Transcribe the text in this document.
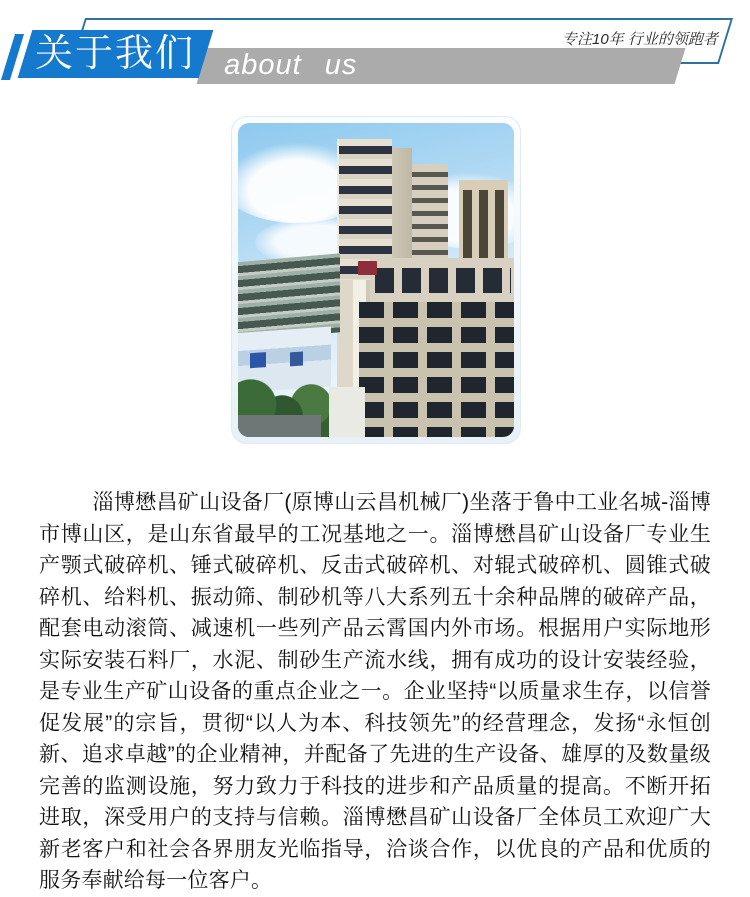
about us
关于我们	专注10年 行业的领跑者

淄博懋昌矿山设备厂(原博山云昌机械厂)坐落于鲁中工业名城-淄博市博山区，是山东省最早的工况基地之一。淄博懋昌矿山设备厂专业生产颚式破碎机、锤式破碎机、反击式破碎机、对辊式破碎机、圆锥式破碎机、给料机、振动筛、制砂机等八大系列五十余种品牌的破碎产品，配套电动滚筒、减速机一些列产品云霄国内外市场。根据用户实际地形实际安装石料厂，水泥、制砂生产流水线，拥有成功的设计安装经验，是专业生产矿山设备的重点企业之一。企业坚持“以质量求生存，以信誉促发展”的宗旨，贯彻“以人为本、科技领先”的经营理念，发扬“永恒创新、追求卓越”的企业精神，并配备了先进的生产设备、雄厚的及数量级完善的监测设施，努力致力于科技的进步和产品质量的提高。不断开拓进取，深受用户的支持与信赖。淄博懋昌矿山设备厂全体员工欢迎广大新老客户和社会各界朋友光临指导，洽谈合作，以优良的产品和优质的服务奉献给每一位客户。
